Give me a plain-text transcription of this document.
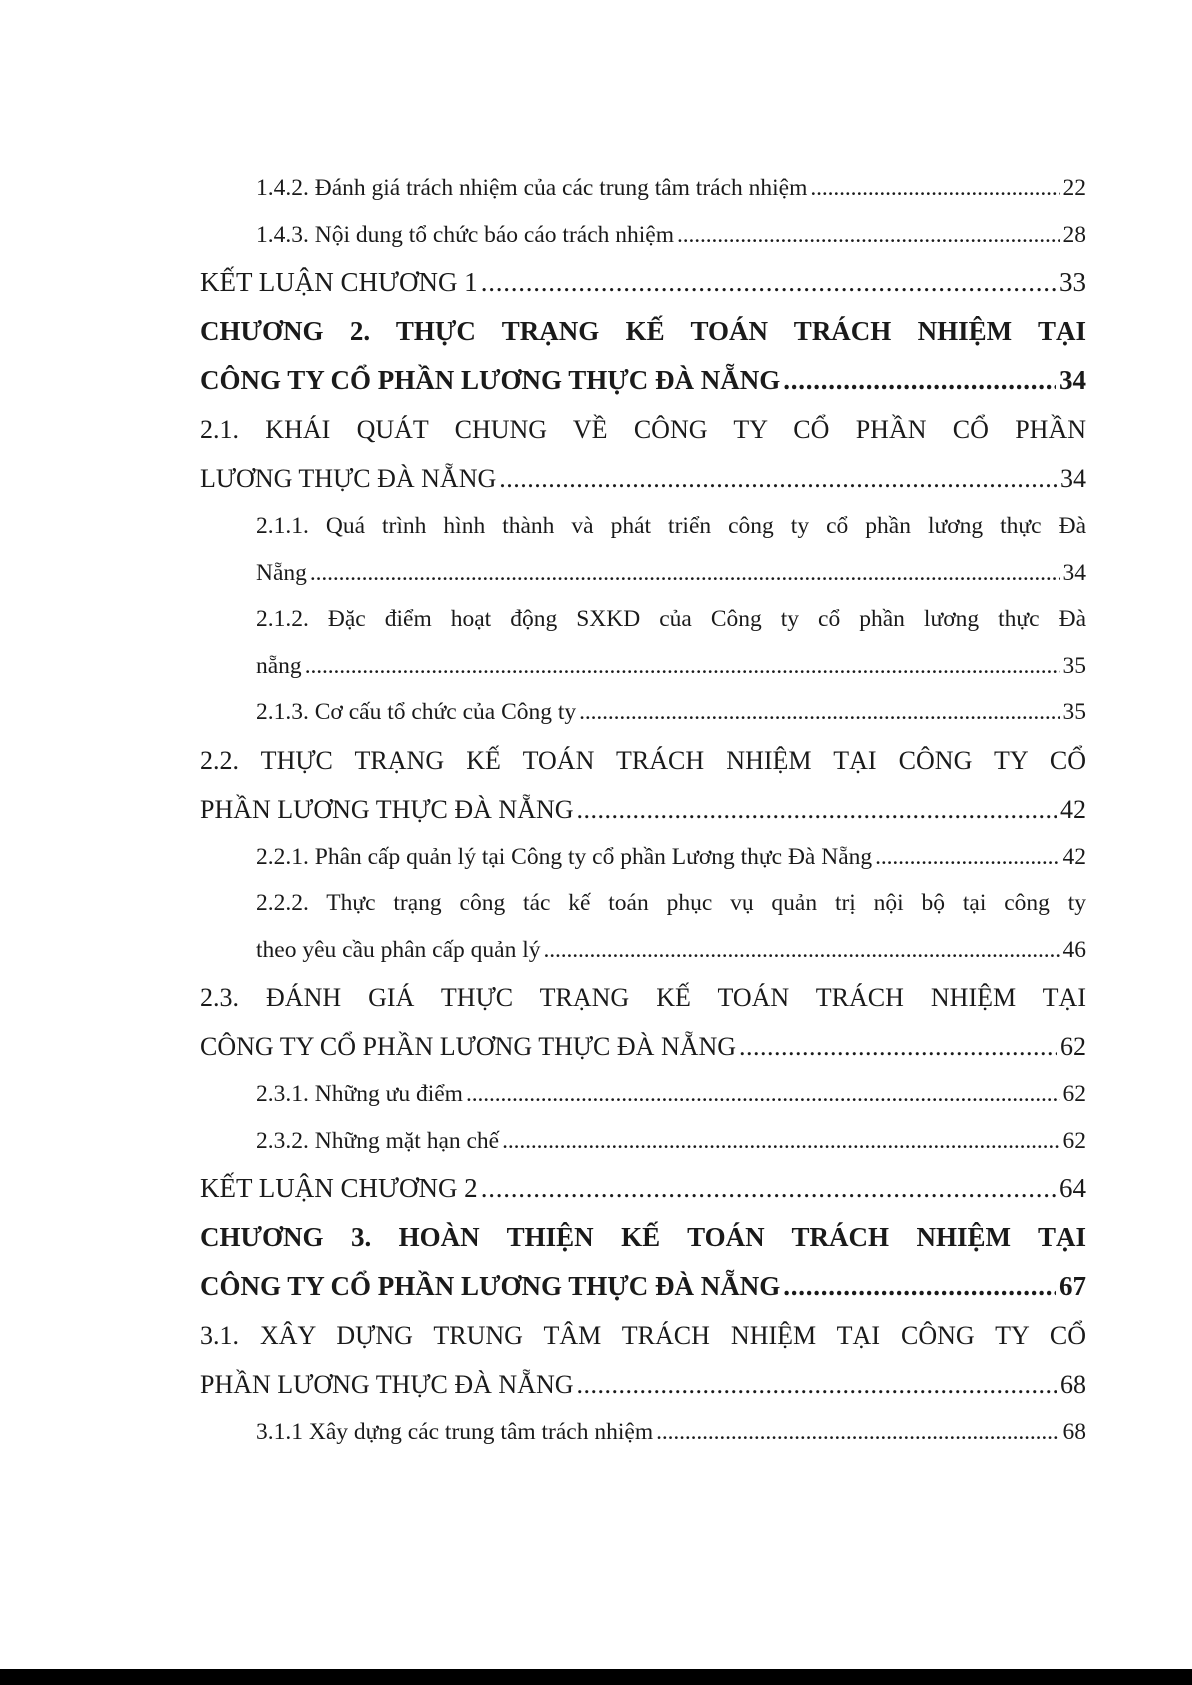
1.4.2. Đánh giá trách nhiệm của các trung tâm trách nhiệm . . .	22
1.4.3. Nội dung tổ chức báo cáo trách nhiệm . . .	28
KẾT LUẬN CHƯƠNG 1 . . .	33
CHƯƠNG 2. THỰC TRẠNG KẾ TOÁN TRÁCH NHIỆM TẠI
CÔNG TY CỔ PHẦN LƯƠNG THỰC ĐÀ NẴNG . . .	34
2.1. KHÁI QUÁT CHUNG VỀ CÔNG TY CỔ PHẦN CỔ PHẦN
LƯƠNG THỰC ĐÀ NẴNG . . .	34
2.1.1. Quá trình hình thành và phát triển công ty cổ phần lương thực Đà
Nẵng . . .	34
2.1.2. Đặc điểm hoạt động SXKD của Công ty cổ phần lương thực Đà
nẵng . . .	35
2.1.3. Cơ cấu tổ chức của Công ty . . .	35
2.2. THỰC TRẠNG KẾ TOÁN TRÁCH NHIỆM TẠI CÔNG TY CỔ
PHẦN LƯƠNG THỰC ĐÀ NẴNG . . .	42
2.2.1. Phân cấp quản lý tại Công ty cổ phần Lương thực Đà Nẵng . . .	42
2.2.2. Thực trạng công tác kế toán phục vụ quản trị nội bộ tại công ty
theo yêu cầu phân cấp quản lý . . .	46
2.3. ĐÁNH GIÁ THỰC TRẠNG KẾ TOÁN TRÁCH NHIỆM TẠI
CÔNG TY CỔ PHẦN LƯƠNG THỰC ĐÀ NẴNG . . .	62
2.3.1. Những ưu điểm . . .	62
2.3.2. Những mặt hạn chế . . .	62
KẾT LUẬN CHƯƠNG 2 . . .	64
CHƯƠNG 3. HOÀN THIỆN KẾ TOÁN TRÁCH NHIỆM TẠI
CÔNG TY CỔ PHẦN LƯƠNG THỰC ĐÀ NẴNG . . .	67
3.1. XÂY DỰNG TRUNG TÂM TRÁCH NHIỆM TẠI CÔNG TY CỔ
PHẦN LƯƠNG THỰC ĐÀ NẴNG . . .	68
3.1.1 Xây dựng các trung tâm trách nhiệm . . .	68
